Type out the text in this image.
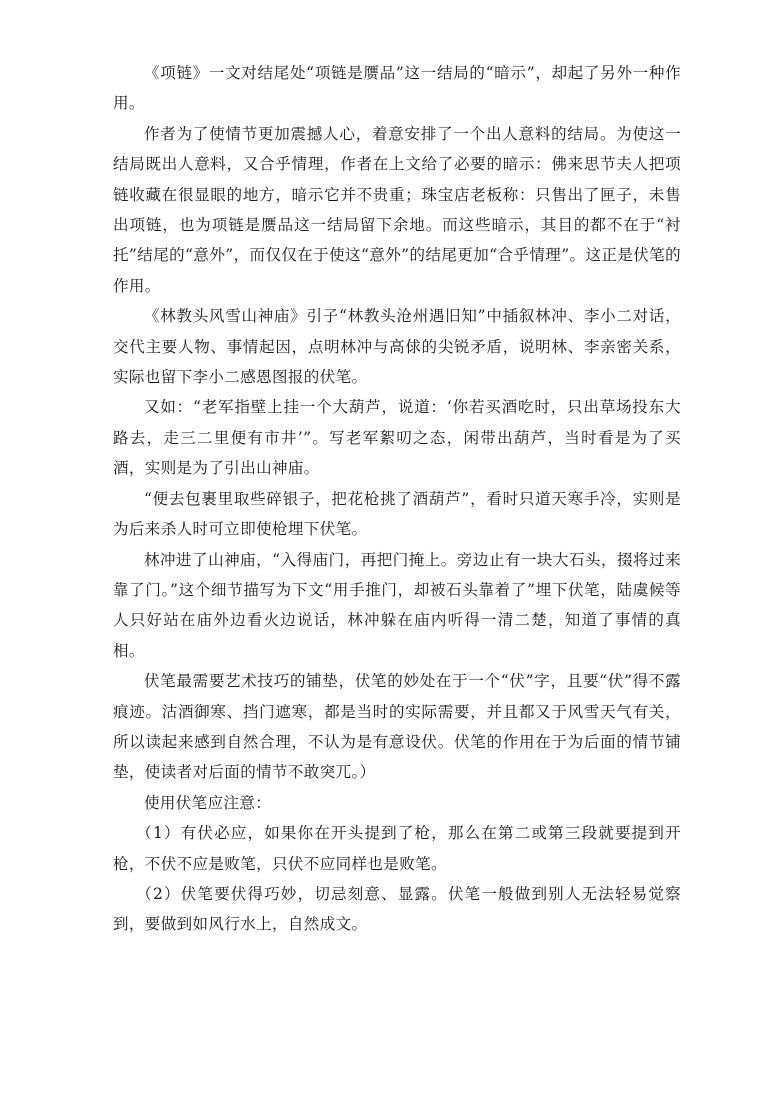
《项链》一文对结尾处“项链是赝品”这一结局的“暗示”，却起了另外一种作用。

作者为了使情节更加震撼人心，着意安排了一个出人意料的结局。为使这一结局既出人意料，又合乎情理，作者在上文给了必要的暗示：佛来思节夫人把项链收藏在很显眼的地方，暗示它并不贵重；珠宝店老板称：只售出了匣子，未售出项链，也为项链是赝品这一结局留下余地。而这些暗示，其目的都不在于“衬托”结尾的“意外”，而仅仅在于使这“意外”的结尾更加“合乎情理”。这正是伏笔的作用。

《林教头风雪山神庙》引子“林教头沧州遇旧知”中插叙林冲、李小二对话，交代主要人物、事情起因，点明林冲与高俅的尖锐矛盾，说明林、李亲密关系，实际也留下李小二感恩图报的伏笔。

又如：“老军指壁上挂一个大葫芦，说道：‘你若买酒吃时，只出草场投东大路去，走三二里便有市井’”。写老军絮叨之态，闲带出葫芦，当时看是为了买酒，实则是为了引出山神庙。

“便去包裹里取些碎银子，把花枪挑了酒葫芦”，看时只道天寒手冷，实则是为后来杀人时可立即使枪埋下伏笔。

林冲进了山神庙，“入得庙门，再把门掩上。旁边止有一块大石头，掇将过来靠了门。”这个细节描写为下文“用手推门，却被石头靠着了”埋下伏笔，陆虞候等人只好站在庙外边看火边说话，林冲躲在庙内听得一清二楚，知道了事情的真相。

伏笔最需要艺术技巧的铺垫，伏笔的妙处在于一个“伏”字，且要“伏”得不露痕迹。沽酒御寒、挡门遮寒，都是当时的实际需要，并且都又于风雪天气有关，所以读起来感到自然合理，不认为是有意设伏。伏笔的作用在于为后面的情节铺垫，使读者对后面的情节不敢突兀。）

使用伏笔应注意：

（1）有伏必应，如果你在开头提到了枪，那么在第二或第三段就要提到开枪，不伏不应是败笔，只伏不应同样也是败笔。

（2）伏笔要伏得巧妙，切忌刻意、显露。伏笔一般做到别人无法轻易觉察到，要做到如风行水上，自然成文。
